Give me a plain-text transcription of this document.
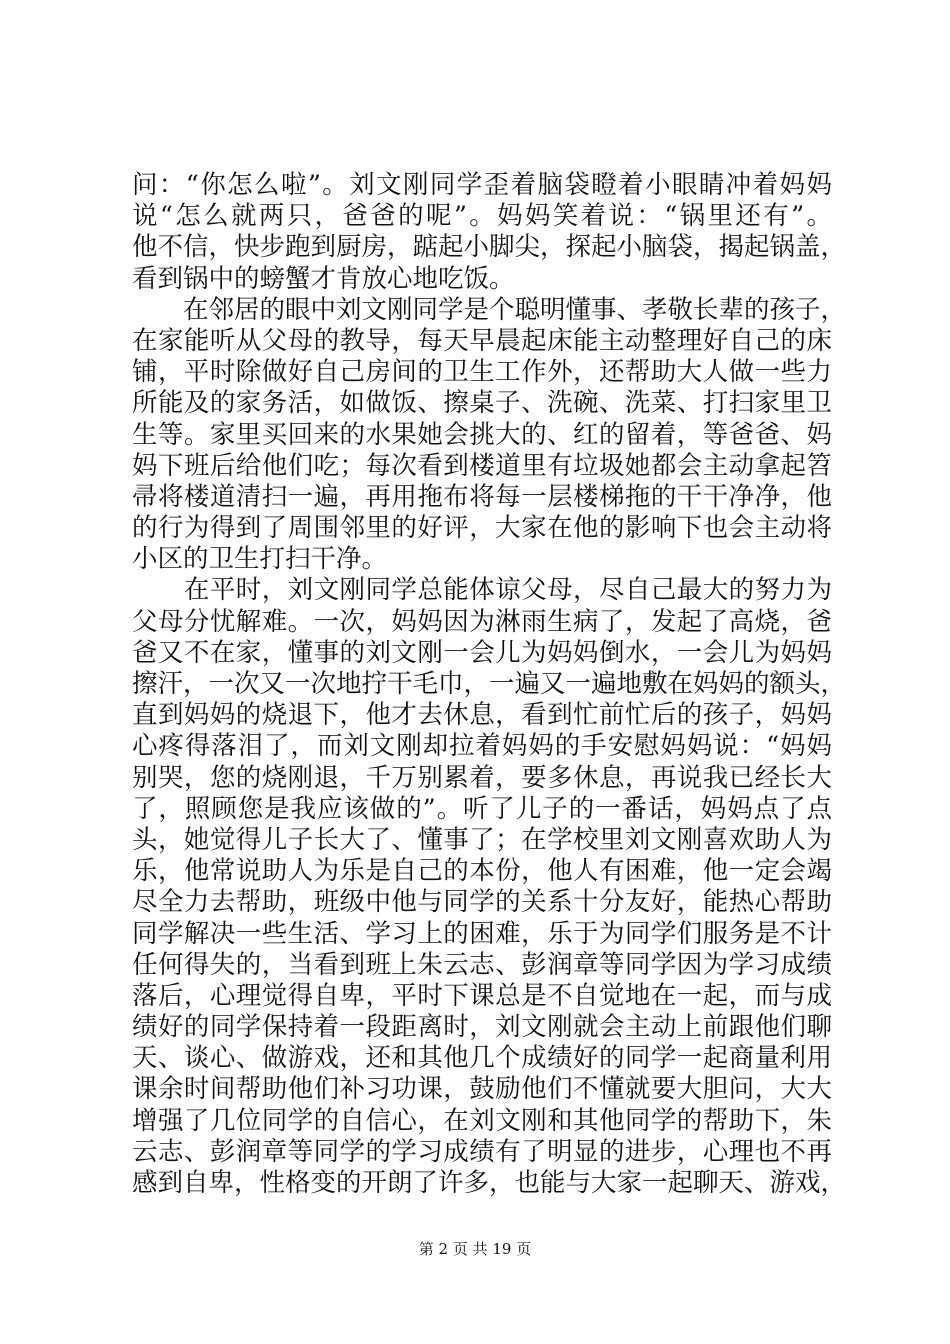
问：“你怎么啦”。刘文刚同学歪着脑袋瞪着小眼睛冲着妈妈
说“怎么就两只，爸爸的呢”。妈妈笑着说：“锅里还有”。
他不信，快步跑到厨房，踮起小脚尖，探起小脑袋，揭起锅盖，
看到锅中的螃蟹才肯放心地吃饭。
　　在邻居的眼中刘文刚同学是个聪明懂事、孝敬长辈的孩子，
在家能听从父母的教导，每天早晨起床能主动整理好自己的床
铺，平时除做好自己房间的卫生工作外，还帮助大人做一些力
所能及的家务活，如做饭、擦桌子、洗碗、洗菜、打扫家里卫
生等。家里买回来的水果她会挑大的、红的留着，等爸爸、妈
妈下班后给他们吃；每次看到楼道里有垃圾她都会主动拿起笤
帚将楼道清扫一遍，再用拖布将每一层楼梯拖的干干净净，他
的行为得到了周围邻里的好评，大家在他的影响下也会主动将
小区的卫生打扫干净。
　　在平时，刘文刚同学总能体谅父母，尽自己最大的努力为
父母分忧解难。一次，妈妈因为淋雨生病了，发起了高烧，爸
爸又不在家，懂事的刘文刚一会儿为妈妈倒水，一会儿为妈妈
擦汗，一次又一次地拧干毛巾，一遍又一遍地敷在妈妈的额头，
直到妈妈的烧退下，他才去休息，看到忙前忙后的孩子，妈妈
心疼得落泪了，而刘文刚却拉着妈妈的手安慰妈妈说：“妈妈
别哭，您的烧刚退，千万别累着，要多休息，再说我已经长大
了，照顾您是我应该做的”。听了儿子的一番话，妈妈点了点
头，她觉得儿子长大了、懂事了；在学校里刘文刚喜欢助人为
乐，他常说助人为乐是自己的本份，他人有困难，他一定会竭
尽全力去帮助，班级中他与同学的关系十分友好，能热心帮助
同学解决一些生活、学习上的困难，乐于为同学们服务是不计
任何得失的，当看到班上朱云志、彭润章等同学因为学习成绩
落后，心理觉得自卑，平时下课总是不自觉地在一起，而与成
绩好的同学保持着一段距离时，刘文刚就会主动上前跟他们聊
天、谈心、做游戏，还和其他几个成绩好的同学一起商量利用
课余时间帮助他们补习功课，鼓励他们不懂就要大胆问，大大
增强了几位同学的自信心，在刘文刚和其他同学的帮助下，朱
云志、彭润章等同学的学习成绩有了明显的进步，心理也不再
感到自卑，性格变的开朗了许多，也能与大家一起聊天、游戏，
第 2 页 共 19 页
